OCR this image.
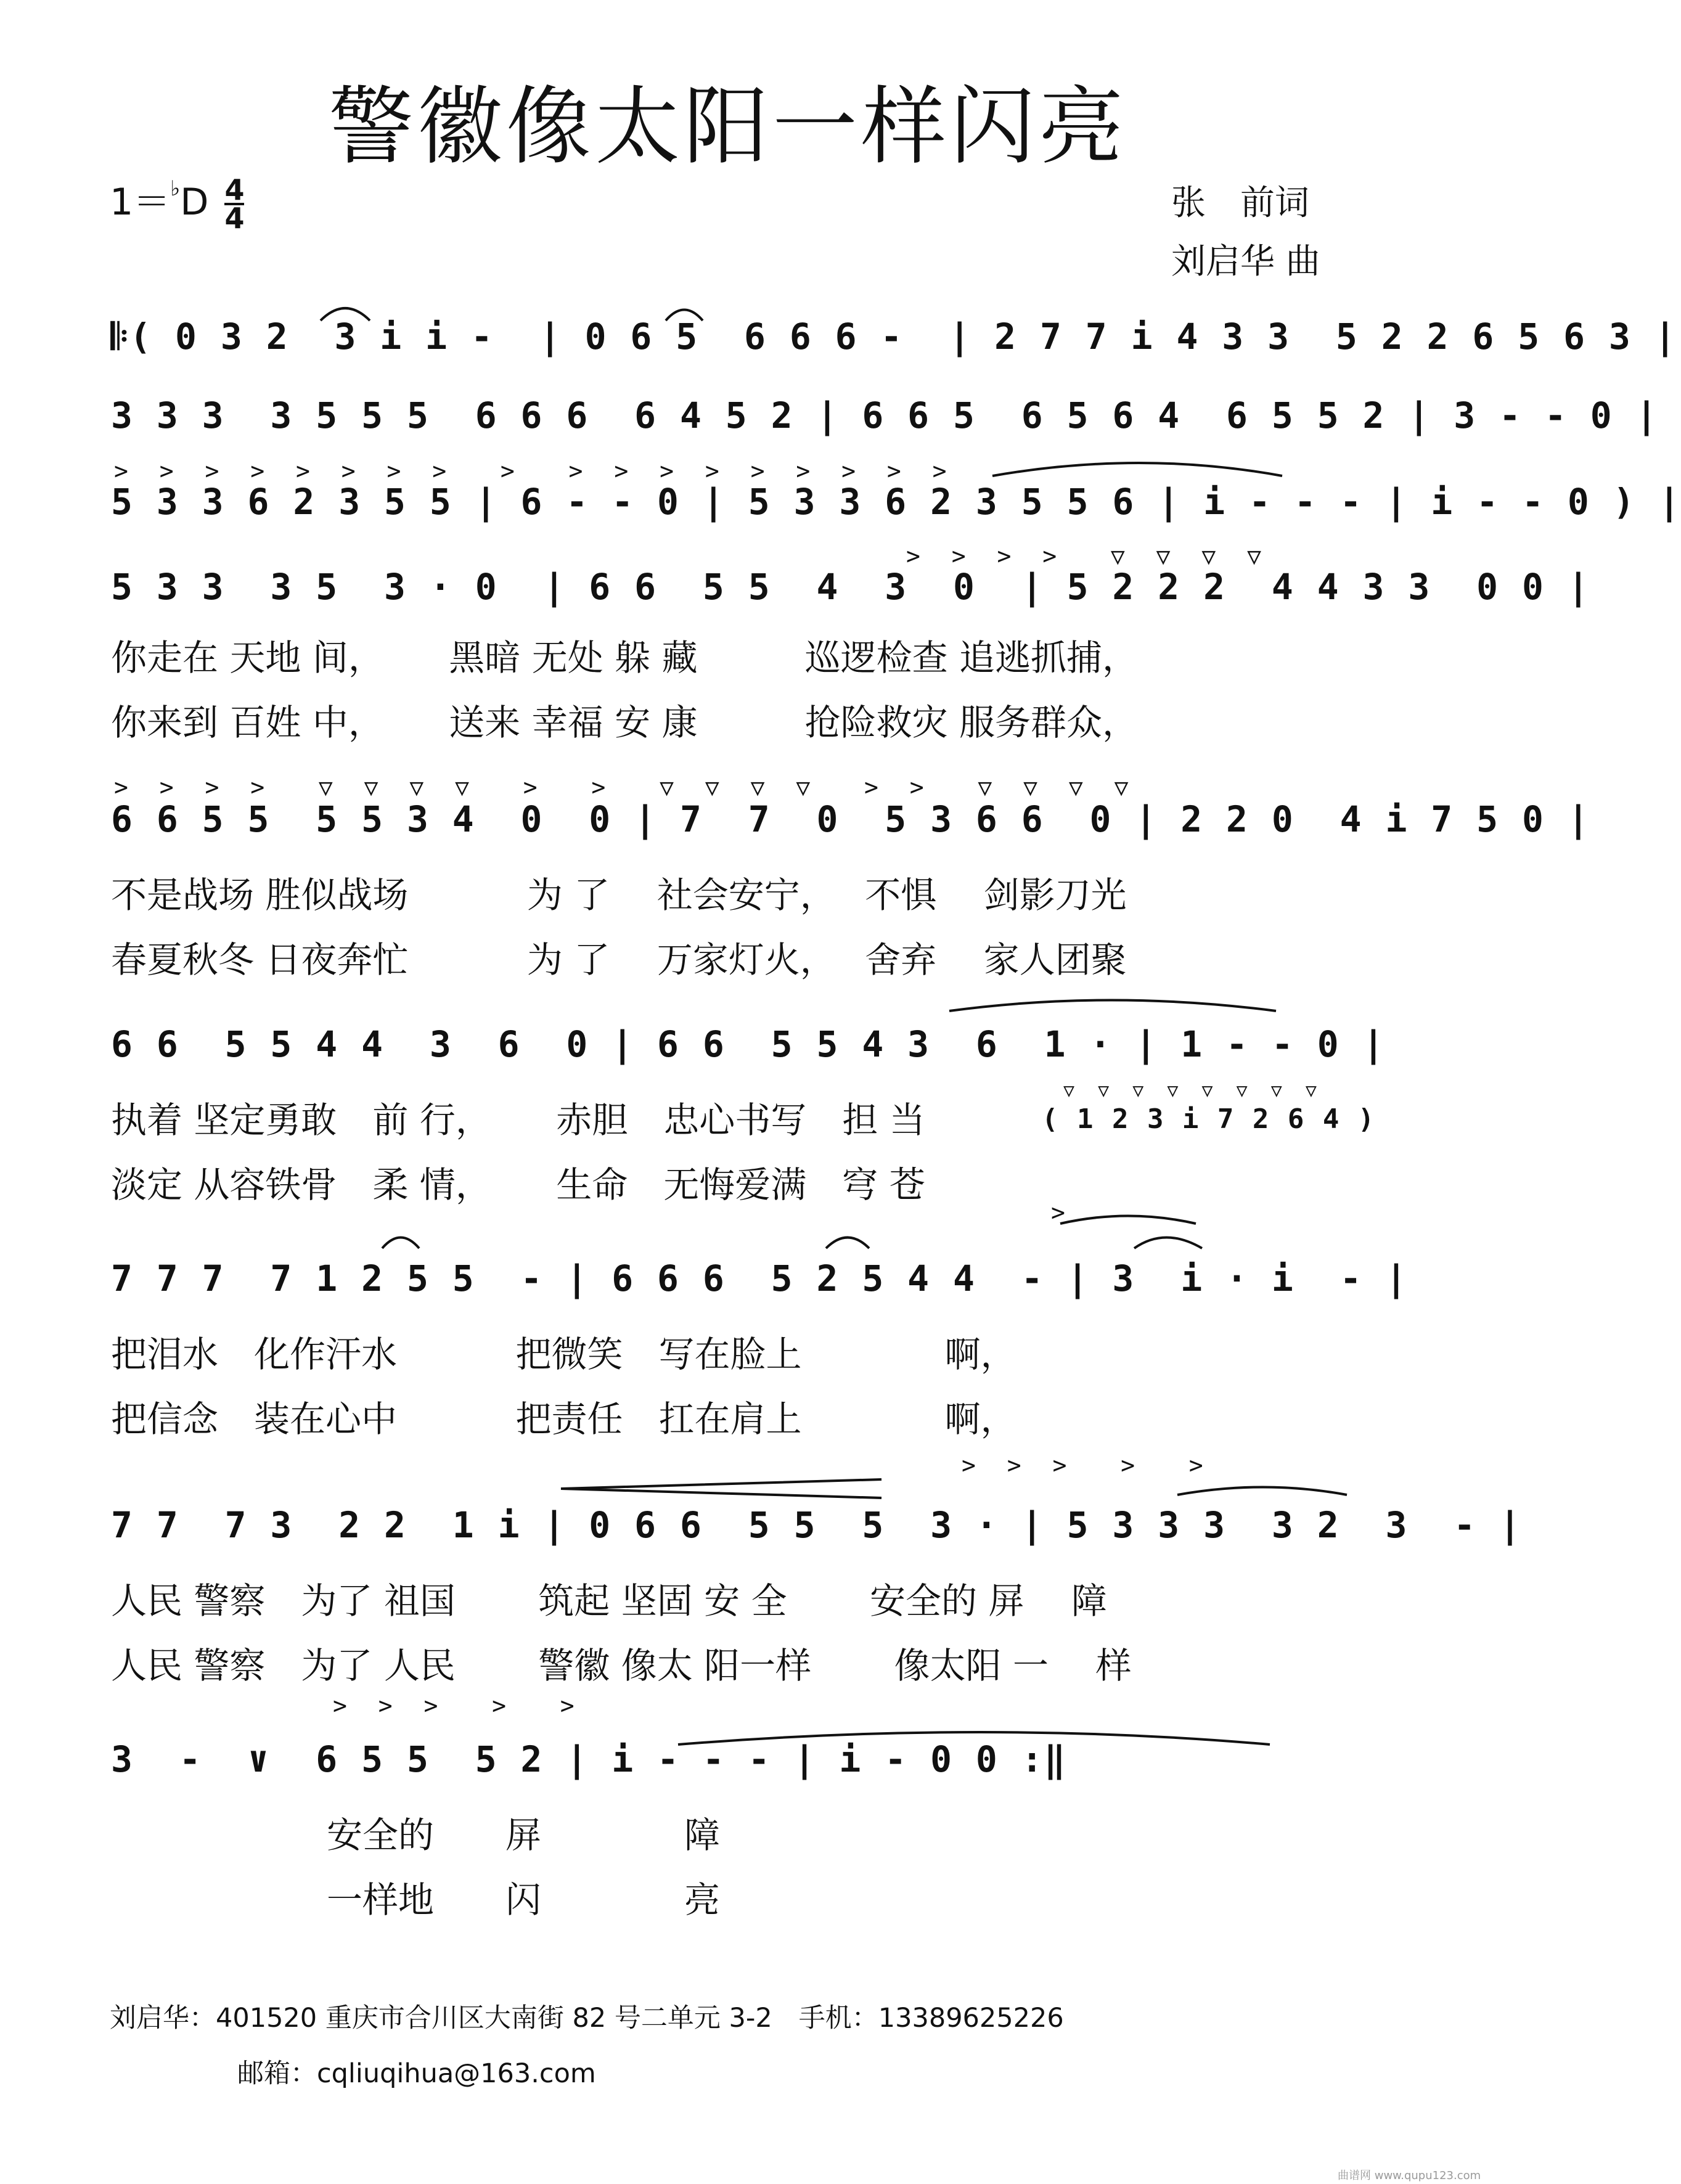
警徽像太阳一样闪亮
$1=^♭D \frac{4}{4}$	张　前词
刘启华 曲
𝄆( 0 3 2  3 i i -  | 0 6 5  6 6 6 -  | 2 7 7 i 4 3 3  5 2 2 6 5 6 3 |
3 3 3  3 5 5 5  6 6 6  6 4 5 2 | 6 6 5  6 5 6 4  6 5 5 2 | 3 - - 0 |
> > > > > > > >  >  > > > > > > > > >
5 3 3 6 2 3 5 5 | 6 - - 0 | 5 3 3 6 2 3 5 5 6 | i - - - | i - - 0 ) |
> > > >  ▽ ▽ ▽ ▽
5 3 3  3 5  3 · 0  | 6 6  5 5  4  3  0  | 5 2 2 2  4 4 3 3  0 0 |
你走在 天地 间，　　 黑暗 无处 躲 藏　　　巡逻检查 追逃抓捕，
你来到 百姓 中，　　 送来 幸福 安 康　　　抢险救灾 服务群众，
> > > >  ▽ ▽ ▽ ▽  >  >  ▽ ▽ ▽ ▽  > >  ▽ ▽ ▽ ▽
6 6 5 5  5 5 3 4  0  0 | 7  7  0  5 3 6 6  0 | 2 2 0  4 i 7 5 0 |
不是战场 胜似战场　　　 为 了　 社会安宁，　 不惧　 剑影刀光
春夏秋冬 日夜奔忙　　　 为 了　 万家灯火，　 舍弃　 家人团聚
6 6  5 5 4 4  3  6  0 | 6 6  5 5 4 3  6  1 · | 1 - - 0 |
执着 坚定勇敢　前 行，　　 赤胆　忠心书写　担 当
淡定 从容铁骨　柔 情，　　 生命　无悔爱满　穹 苍
▽ ▽ ▽ ▽ ▽ ▽ ▽ ▽
( 1 2 3 i 7 2 6 4 )
>
7 7 7  7 1 2 5 5  - | 6 6 6  5 2 5 4 4  - | 3  i · i  - |
把泪水　化作汗水　　　 把微笑　写在脸上　　　　啊，
把信念　装在心中　　　 把责任　扛在肩上　　　　啊，
> > >  >  >
7 7  7 3  2 2  1 i | 0 6 6  5 5  5  3 · | 5 3 3 3  3 2  3  - |
人民 警察　为了 祖国　　 筑起 坚固 安 全　　 安全的 屏　 障
人民 警察　为了 人民　　 警徽 像太 阳一样　　 像太阳 一　 样
> > >  >  >
3  -  ∨  6 5 5  5 2 | i - - - | i - 0 0 :‖
安全的　　屏　　　　障
一样地　　闪　　　　亮
刘启华：401520 重庆市合川区大南街 82 号二单元 3-2　手机：13389625226
邮箱：cqliuqihua@163.com
曲谱网 www.qupu123.com
